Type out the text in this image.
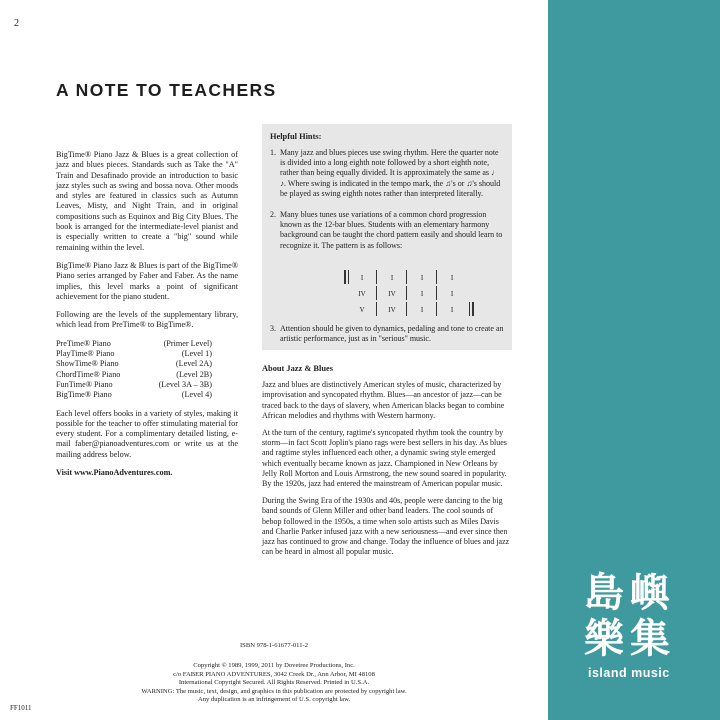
2
A NOTE TO TEACHERS

BigTime® Piano Jazz & Blues is a great collection of jazz and blues pieces. Standards such as Take the "A" Train and Desafinado provide an introduction to basic jazz styles such as swing and bossa nova. Other moods and styles are featured in classics such as Autumn Leaves, Misty, and Night Train, and in original compositions such as Equinox and Big City Blues. The book is arranged for the intermediate-level pianist and is especially written to create a "big" sound while remaining within the level.

BigTime® Piano Jazz & Blues is part of the BigTime® Piano series arranged by Faber and Faber. As the name implies, this level marks a point of significant achievement for the piano student.

Following are the levels of the supplementary library, which lead from PreTime® to BigTime®.

PreTime® Piano	(Primer Level)
PlayTime® Piano	(Level 1)
ShowTime® Piano	(Level 2A)
ChordTime® Piano	(Level 2B)
FunTime® Piano	(Level 3A – 3B)
BigTime® Piano	(Level 4)

Each level offers books in a variety of styles, making it possible for the teacher to offer stimulating material for every student. For a complimentary detailed listing, e-mail faber@pianoadventures.com or write us at the mailing address below.

Visit www.PianoAdventures.com.

Helpful Hints:
1. Many jazz and blues pieces use swing rhythm. Here the quarter note is divided into a long eighth note followed by a short eighth note, rather than being equally divided. It is approximately the same as ♩ ♪. Where swing is indicated in the tempo mark, the ♫'s or ♫'s should be played as swing eighth notes rather than interpreted literally.
2. Many blues tunes use variations of a common chord progression known as the 12-bar blues. Students with an elementary harmony background can be taught the chord pattern easily and should learn to recognize it. The pattern is as follows:
I	I	I	I
IV	IV	I	I
V	IV	I	I
3. Attention should be given to dynamics, pedaling and tone to create an artistic performance, just as in "serious" music.
About Jazz & Blues

Jazz and blues are distinctively American styles of music, characterized by improvisation and syncopated rhythm. Blues—an ancestor of jazz—can be traced back to the days of slavery, when American blacks began to combine African melodies and rhythms with Western harmony.

At the turn of the century, ragtime's syncopated rhythm took the country by storm—in fact Scott Joplin's piano rags were best sellers in his day. As blues and ragtime styles influenced each other, a dynamic swing style emerged which eventually became known as jazz. Championed in New Orleans by Jelly Roll Morton and Louis Armstrong, the new sound soared in popularity. By the 1920s, jazz had entered the mainstream of American popular music.

During the Swing Era of the 1930s and 40s, people were dancing to the big band sounds of Glenn Miller and other band leaders. The cool sounds of bebop followed in the 1950s, a time when solo artists such as Miles Davis and Charlie Parker infused jazz with a new seriousness—and ever since then jazz has continued to grow and change. Today the influence of blues and jazz can be heard in almost all popular music.

ISBN 978-1-61677-011-2
Copyright © 1989, 1999, 2011 by Dovetree Productions, Inc.
c/o FABER PIANO ADVENTURES, 3042 Creek Dr., Ann Arbor, MI 48108
International Copyright Secured. All Rights Reserved. Printed in U.S.A.
WARNING: The music, text, design, and graphics in this publication are protected by copyright law.
Any duplication is an infringement of U.S. copyright law.
FF1011
島嶼樂集
island music
